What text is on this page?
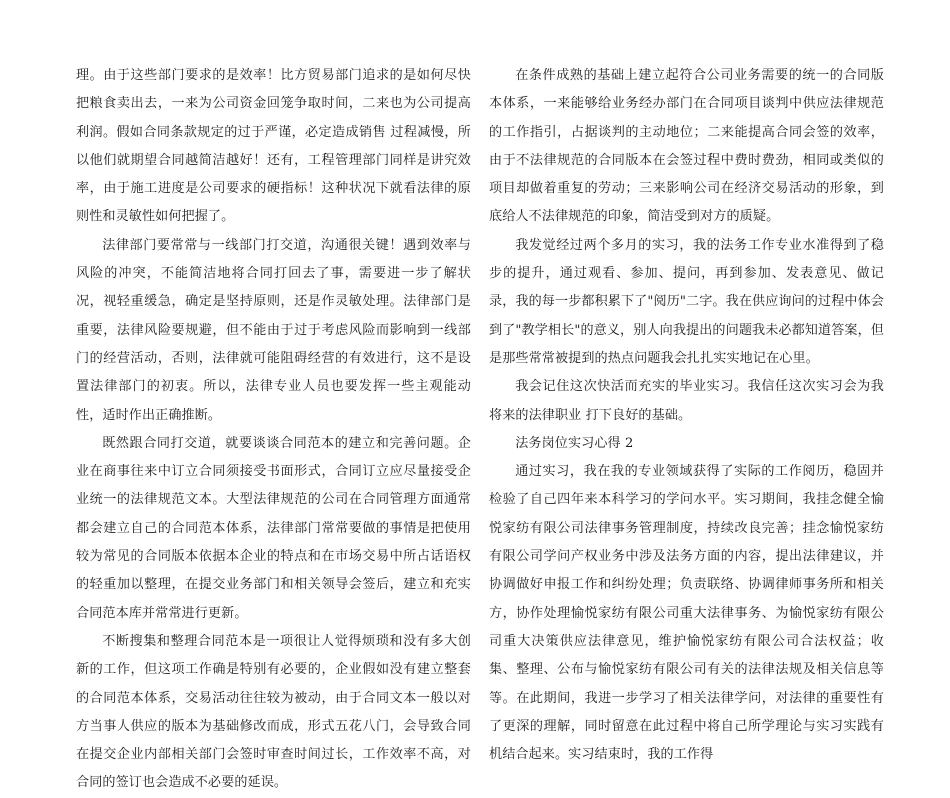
理。由于这些部门要求的是效率！比方贸易部门追求的是如何尽快把粮食卖出去，一来为公司资金回笼争取时间，二来也为公司提高利润。假如合同条款规定的过于严谨，必定造成销售 过程减慢，所以他们就期望合同越简洁越好！还有，工程管理部门同样是讲究效率，由于施工进度是公司要求的硬指标！这种状况下就看法律的原则性和灵敏性如何把握了。

法律部门要常常与一线部门打交道，沟通很关键！遇到效率与风险的冲突，不能简洁地将合同打回去了事，需要进一步了解状况，视轻重缓急，确定是坚持原则，还是作灵敏处理。法律部门是重要，法律风险要规避，但不能由于过于考虑风险而影响到一线部门的经营活动，否则，法律就可能阻碍经营的有效进行，这不是设置法律部门的初衷。所以，法律专业人员也要发挥一些主观能动性，适时作出正确推断。

既然跟合同打交道，就要谈谈合同范本的建立和完善问题。企业在商事往来中订立合同须接受书面形式，合同订立应尽量接受企业统一的法律规范文本。大型法律规范的公司在合同管理方面通常都会建立自己的合同范本体系，法律部门常常要做的事情是把使用较为常见的合同版本依据本企业的特点和在市场交易中所占话语权的轻重加以整理，在提交业务部门和相关领导会签后，建立和充实合同范本库并常常进行更新。

不断搜集和整理合同范本是一项很让人觉得烦琐和没有多大创新的工作，但这项工作确是特别有必要的，企业假如没有建立整套的合同范本体系，交易活动往往较为被动，由于合同文本一般以对方当事人供应的版本为基础修改而成，形式五花八门，会导致合同在提交企业内部相关部门会签时审查时间过长，工作效率不高，对合同的签订也会造成不必要的延误。

在条件成熟的基础上建立起符合公司业务需要的统一的合同版本体系，一来能够给业务经办部门在合同项目谈判中供应法律规范的工作指引，占据谈判的主动地位；二来能提高合同会签的效率，由于不法律规范的合同版本在会签过程中费时费劲，相同或类似的项目却做着重复的劳动；三来影响公司在经济交易活动的形象，到底给人不法律规范的印象，简洁受到对方的质疑。

我发觉经过两个多月的实习，我的法务工作专业水准得到了稳步的提升，通过观看、参加、提问，再到参加、发表意见、做记录，我的每一步都积累下了"阅历"二字。我在供应询问的过程中体会到了"教学相长"的意义，别人向我提出的问题我未必都知道答案，但是那些常常被提到的热点问题我会扎扎实实地记在心里。

我会记住这次快活而充实的毕业实习。我信任这次实习会为我将来的法律职业 打下良好的基础。

法务岗位实习心得 2

通过实习，我在我的专业领域获得了实际的工作阅历，稳固并检验了自己四年来本科学习的学问水平。实习期间，我挂念健全愉悦家纺有限公司法律事务管理制度，持续改良完善；挂念愉悦家纺有限公司学问产权业务中涉及法务方面的内容，提出法律建议，并协调做好申报工作和纠纷处理；负责联络、协调律师事务所和相关方，协作处理愉悦家纺有限公司重大法律事务、为愉悦家纺有限公司重大决策供应法律意见，维护愉悦家纺有限公司合法权益；收集、整理、公布与愉悦家纺有限公司有关的法律法规及相关信息等等。在此期间，我进一步学习了相关法律学问，对法律的重要性有了更深的理解，同时留意在此过程中将自己所学理论与实习实践有机结合起来。实习结束时，我的工作得
